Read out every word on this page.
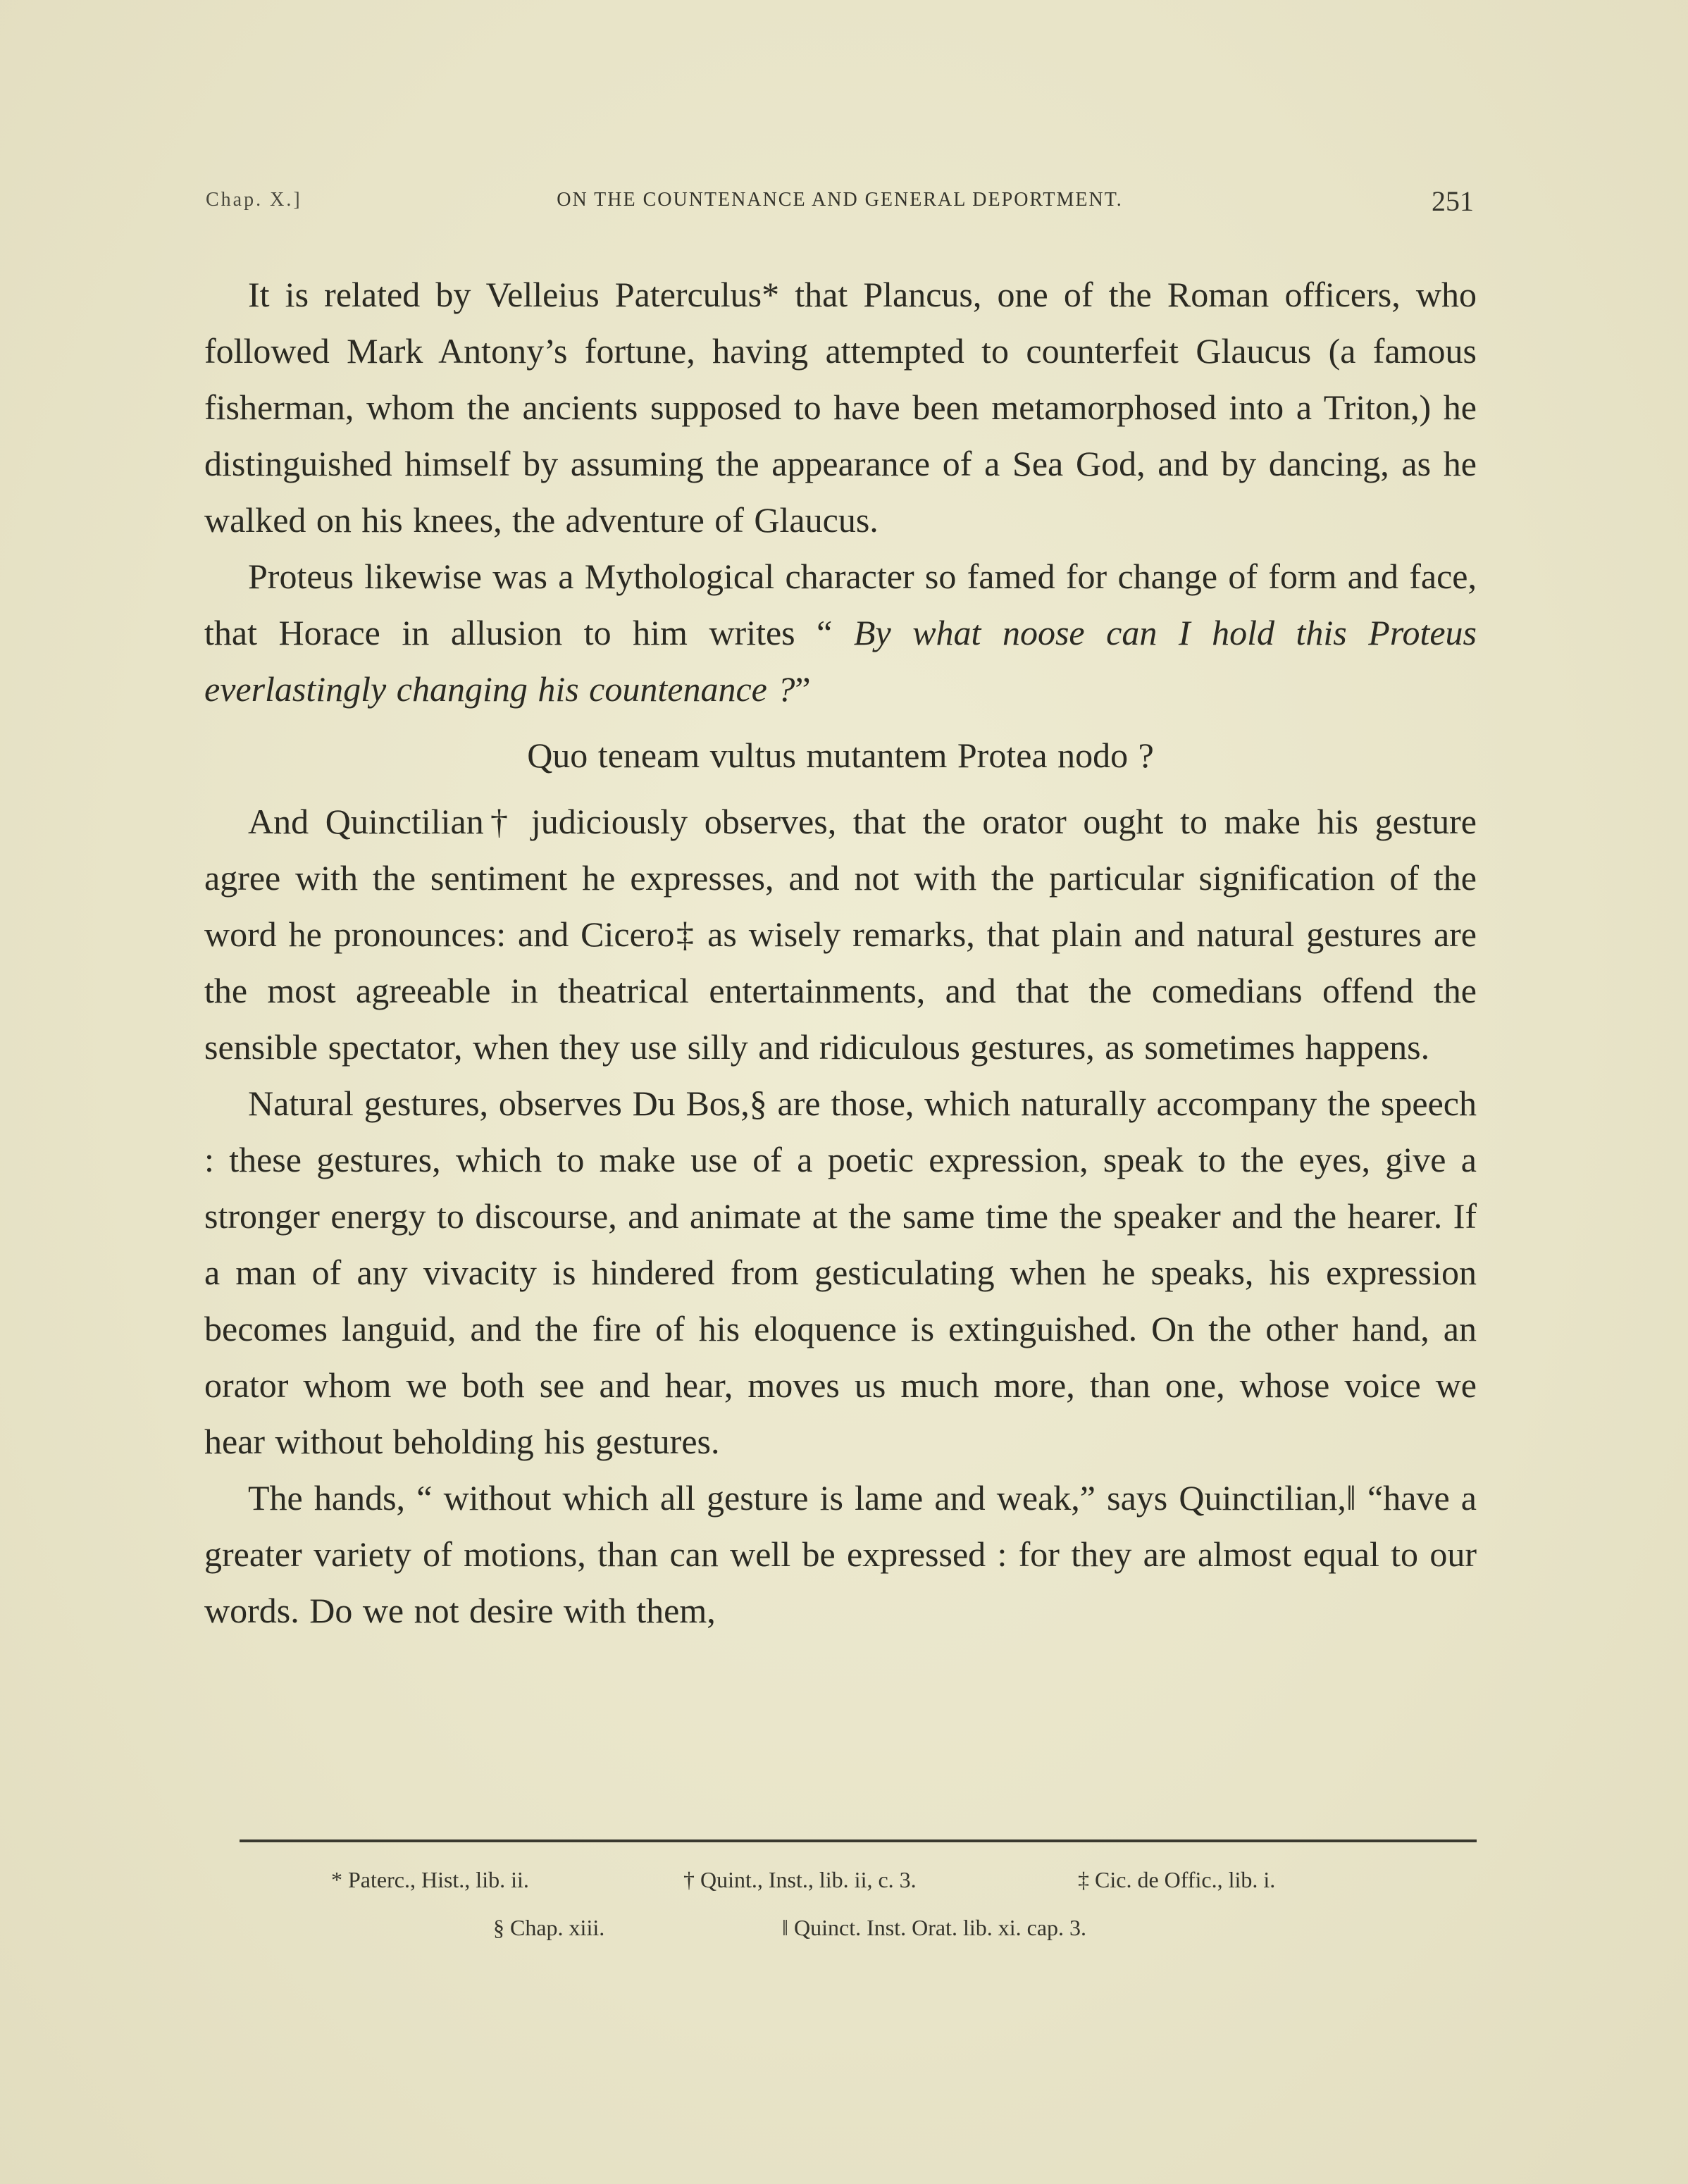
Chap. X.]	ON THE COUNTENANCE AND GENERAL DEPORTMENT.	251

It is related by Velleius Paterculus* that Plancus, one of the Roman officers, who followed Mark Antony’s fortune, having attempted to counterfeit Glaucus (a famous fisherman, whom the ancients supposed to have been metamorphosed into a Triton,) he distinguished himself by assuming the appearance of a Sea God, and by dancing, as he walked on his knees, the adventure of Glaucus.

Proteus likewise was a Mythological character so famed for change of form and face, that Horace in allusion to him writes “ By what noose can I hold this Proteus everlastingly changing his countenance ?”

Quo teneam vultus mutantem Protea nodo ?

And Quinctilian† judiciously observes, that the orator ought to make his gesture agree with the sentiment he expresses, and not with the particular signification of the word he pronounces: and Cicero‡ as wisely remarks, that plain and natural gestures are the most agreeable in theatrical entertainments, and that the comedians offend the sensible spectator, when they use silly and ridiculous gestures, as sometimes happens.

Natural gestures, observes Du Bos,§ are those, which naturally accompany the speech : these gestures, which to make use of a poetic expression, speak to the eyes, give a stronger energy to discourse, and animate at the same time the speaker and the hearer. If a man of any vivacity is hindered from gesticulating when he speaks, his expression becomes languid, and the fire of his eloquence is extinguished. On the other hand, an orator whom we both see and hear, moves us much more, than one, whose voice we hear without beholding his gestures.

The hands, “ without which all gesture is lame and weak,” says Quinctilian,‖ “have a greater variety of motions, than can well be expressed : for they are almost equal to our words. Do we not desire with them,

* Paterc., Hist., lib. ii.	† Quint., Inst., lib. ii, c. 3.	‡ Cic. de Offic., lib. i.
§ Chap. xiii.	‖ Quinct. Inst. Orat. lib. xi. cap. 3.
